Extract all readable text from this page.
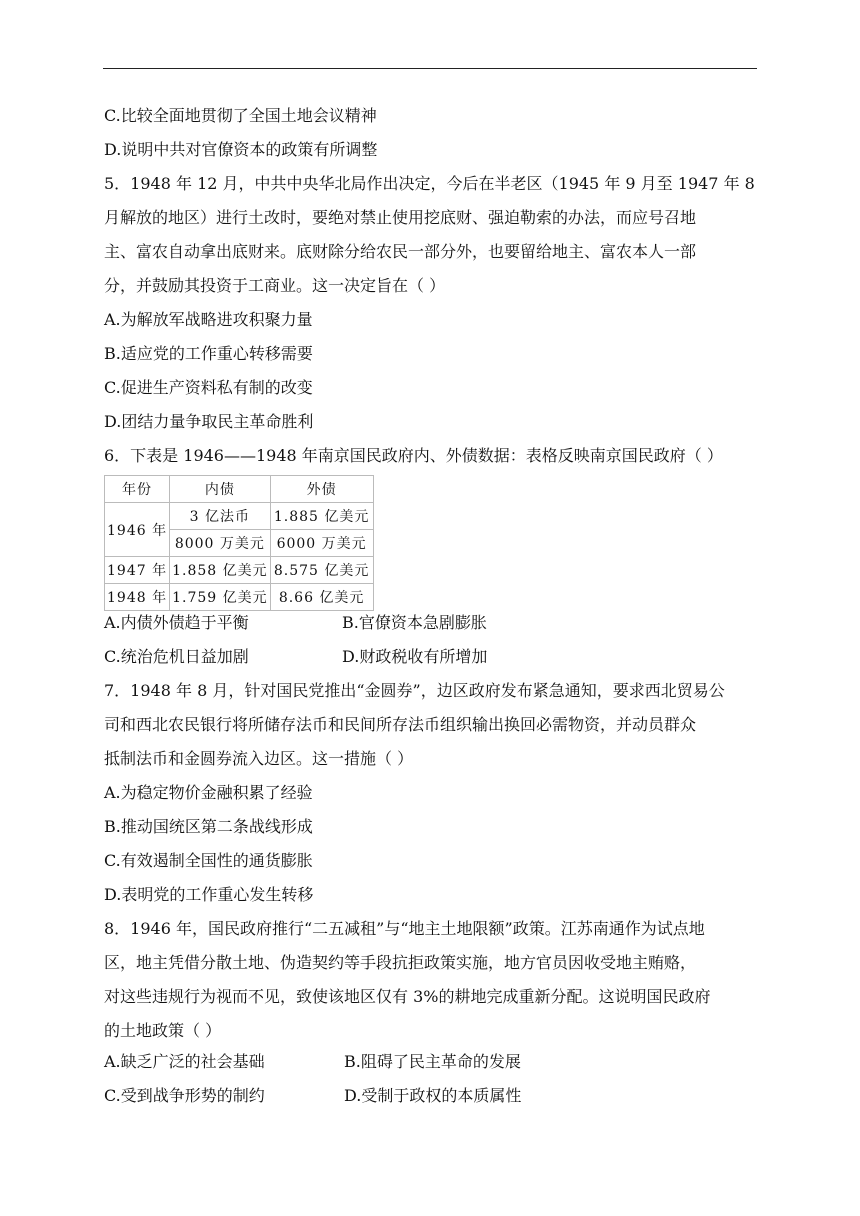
C.比较全面地贯彻了全国土地会议精神
D.说明中共对官僚资本的政策有所调整
5．1948 年 12 月，中共中央华北局作出决定，今后在半老区（1945 年 9 月至 1947 年 8
月解放的地区）进行土改时，要绝对禁止使用挖底财、强迫勒索的办法，而应号召地
主、富农自动拿出底财来。底财除分给农民一部分外，也要留给地主、富农本人一部
分，并鼓励其投资于工商业。这一决定旨在（ ）
A.为解放军战略进攻积聚力量
B.适应党的工作重心转移需要
C.促进生产资料私有制的改变
D.团结力量争取民主革命胜利
6．下表是 1946——1948 年南京国民政府内、外债数据：表格反映南京国民政府（ ）
年份	内债	外债
1946 年	3 亿法币	1.885 亿美元
	8000 万美元	6000 万美元
1947 年	1.858 亿美元	8.575 亿美元
1948 年	1.759 亿美元	8.66 亿美元
A.内债外债趋于平衡	B.官僚资本急剧膨胀
C.统治危机日益加剧	D.财政税收有所增加
7．1948 年 8 月，针对国民党推出“金圆券”，边区政府发布紧急通知，要求西北贸易公
司和西北农民银行将所储存法币和民间所存法币组织输出换回必需物资，并动员群众
抵制法币和金圆券流入边区。这一措施（ ）
A.为稳定物价金融积累了经验
B.推动国统区第二条战线形成
C.有效遏制全国性的通货膨胀
D.表明党的工作重心发生转移
8．1946 年，国民政府推行“二五减租”与“地主土地限额”政策。江苏南通作为试点地
区，地主凭借分散土地、伪造契约等手段抗拒政策实施，地方官员因收受地主贿赂，
对这些违规行为视而不见，致使该地区仅有 3%的耕地完成重新分配。这说明国民政府
的土地政策（ ）
A.缺乏广泛的社会基础	B.阻碍了民主革命的发展
C.受到战争形势的制约	D.受制于政权的本质属性
